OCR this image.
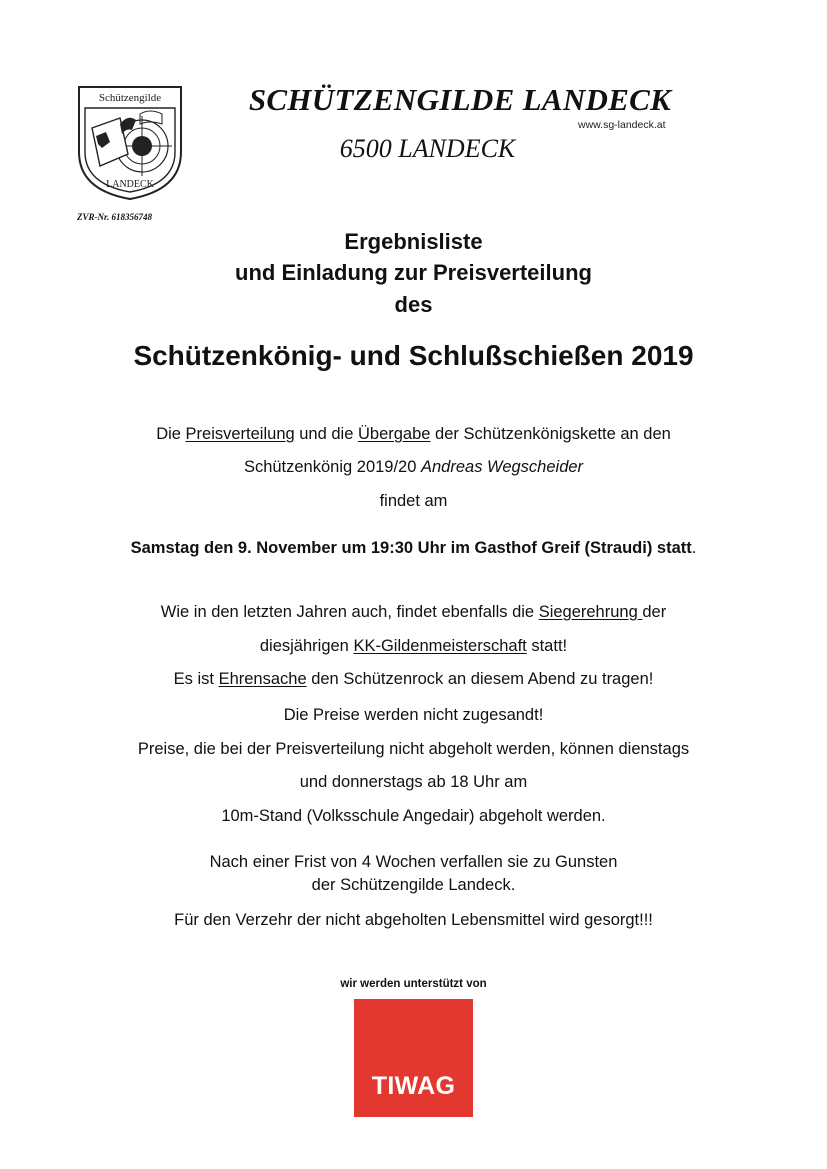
Schützengilde
LANDECK
SCHÜTZENGILDE LANDECK
www.sg-landeck.at
6500 LANDECK
ZVR-Nr. 618356748
Ergebnisliste
und Einladung zur Preisverteilung
des
Schützenkönig- und Schlußschießen 2019
Die Preisverteilung und die Übergabe der Schützenkönigskette an den
Schützenkönig 2019/20 Andreas Wegscheider
findet am
Samstag den 9. November um 19:30 Uhr im Gasthof Greif (Straudi) statt.
Wie in den letzten Jahren auch, findet ebenfalls die Siegerehrung der
diesjährigen KK-Gildenmeisterschaft statt!
Es ist Ehrensache den Schützenrock an diesem Abend zu tragen!
Die Preise werden nicht zugesandt!
Preise, die bei der Preisverteilung nicht abgeholt werden, können dienstags
und donnerstags ab 18 Uhr am
10m-Stand (Volksschule Angedair) abgeholt werden.
Nach einer Frist von 4 Wochen verfallen sie zu Gunsten
der Schützengilde Landeck.
Für den Verzehr der nicht abgeholten Lebensmittel wird gesorgt!!!
wir werden unterstützt von
TIWAG
